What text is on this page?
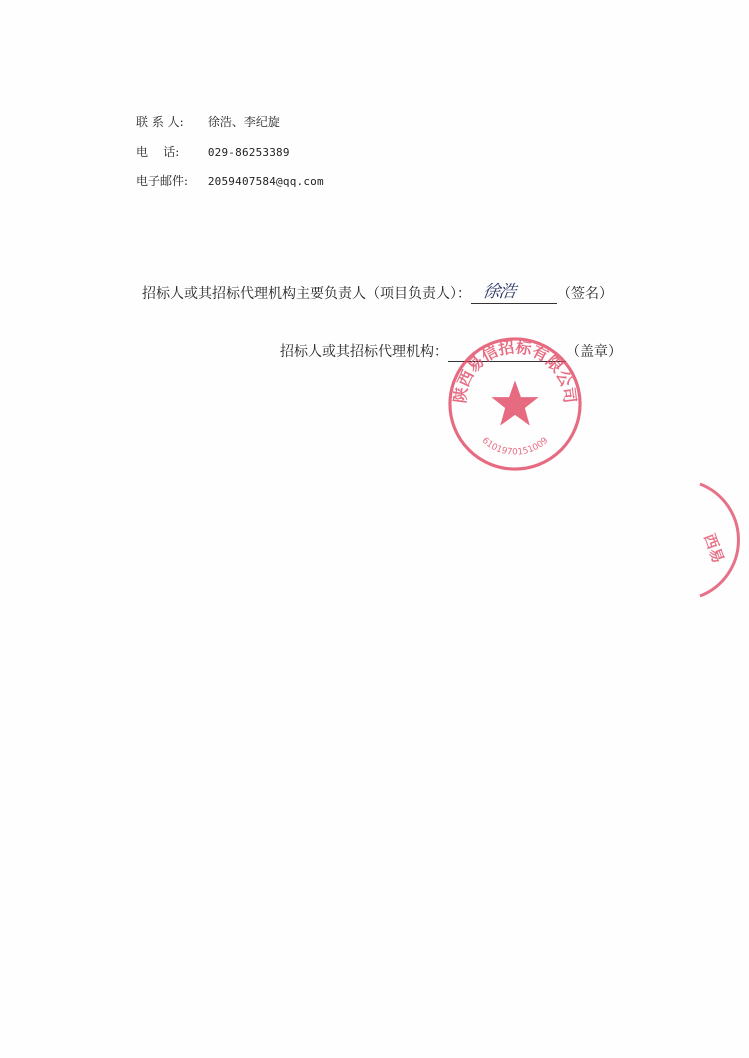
联 系 人: 徐浩、李纪旋
电    话:	029-86253389
电子邮件: 2059407584@qq.com
招标人或其招标代理机构主要负责人（项目负责人）： 徐浩	（签名）
招标人或其招标代理机构：	（盖章）
陕西易信招标有限公司
6101970151009
西易
